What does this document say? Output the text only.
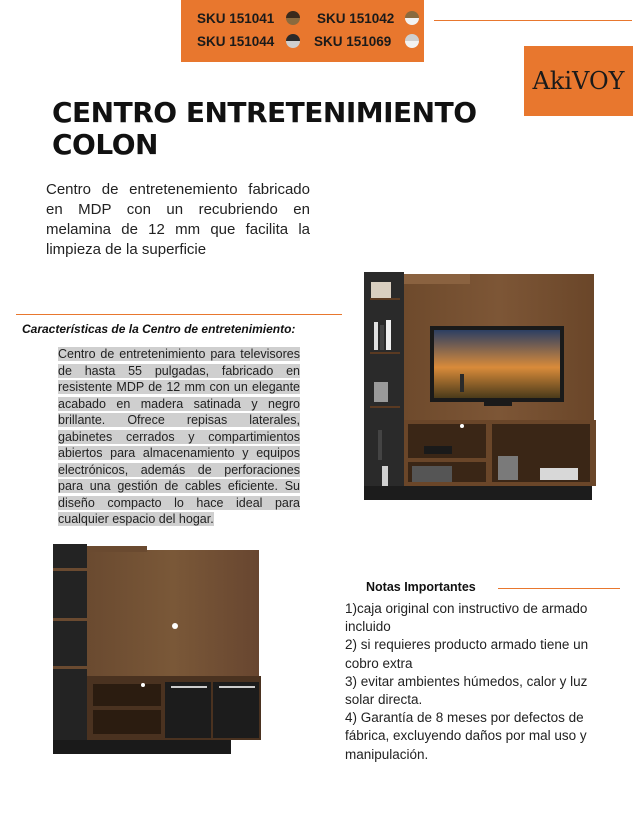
SKU 151041	SKU 151042
SKU 151044	SKU 151069
AkiVOY
CENTRO ENTRETENIMIENTO
COLON

Centro de entretenemiento fabricado en MDP con un recubriendo en melamina de 12 mm que facilita la limpieza de la superficie

Características de la Centro de entretenimiento:

Centro de entretenimiento para televisores de hasta 55 pulgadas, fabricado en resistente MDP de 12 mm con un elegante acabado en madera satinada y negro brillante. Ofrece repisas laterales, gabinetes cerrados y compartimientos abiertos para almacenamiento y equipos electrónicos, además de perforaciones para una gestión de cables eficiente. Su diseño compacto lo hace ideal para cualquier espacio del hogar.

Notas Importantes
1)caja original con instructivo de armado incluido
2) si requieres producto armado tiene un cobro extra
3) evitar ambientes húmedos, calor y luz solar directa.
4) Garantía de 8 meses por defectos de fábrica, excluyendo daños por mal uso y manipulación.
